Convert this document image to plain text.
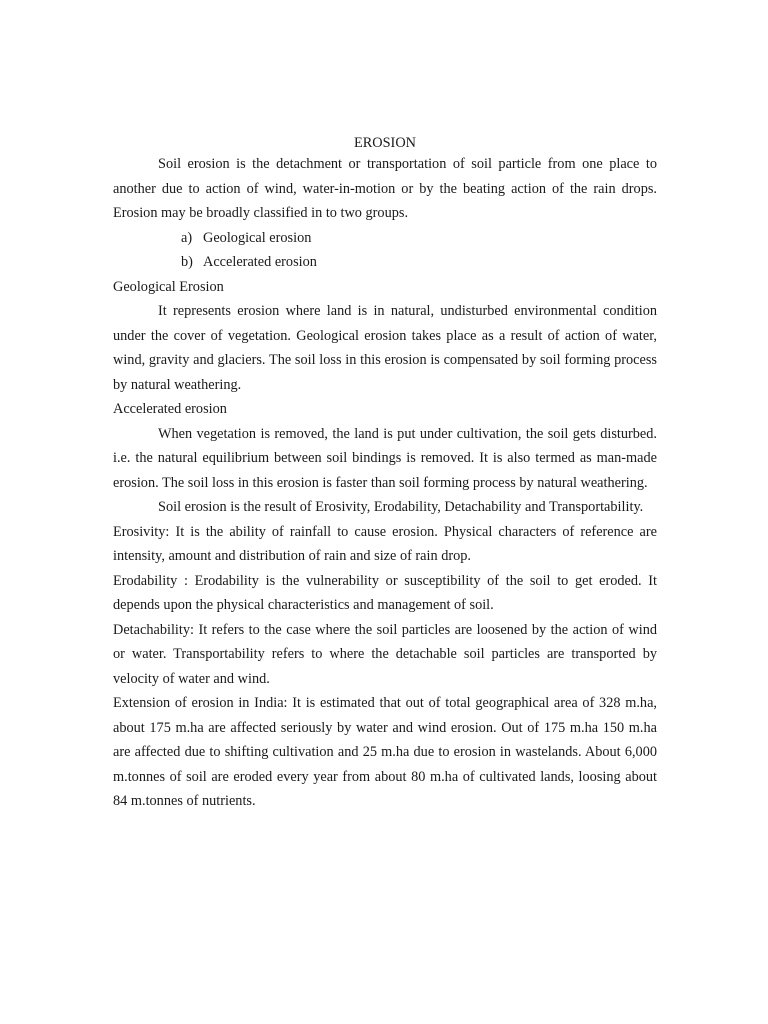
EROSION

Soil erosion is the detachment or transportation of soil particle from one place to another due to action of wind, water-in-motion or by the beating action of the rain drops. Erosion may be broadly classified in to two groups.

a) Geological erosion
b) Accelerated erosion
Geological Erosion

It represents erosion where land is in natural, undisturbed environmental condition under the cover of vegetation. Geological erosion takes place as a result of action of water, wind, gravity and glaciers. The soil loss in this erosion is compensated by soil forming process by natural weathering.

Accelerated erosion

When vegetation is removed, the land is put under cultivation, the soil gets disturbed. i.e. the natural equilibrium between soil bindings is removed. It is also termed as man-made erosion. The soil loss in this erosion is faster than soil forming process by natural weathering.

Soil erosion is the result of Erosivity, Erodability, Detachability and Transportability.

Erosivity: It is the ability of rainfall to cause erosion. Physical characters of reference are intensity, amount and distribution of rain and size of rain drop.

Erodability : Erodability is the vulnerability or susceptibility of the soil to get eroded. It depends upon the physical characteristics and management of soil.

Detachability: It refers to the case where the soil particles are loosened by the action of wind or water. Transportability refers to where the detachable soil particles are transported by velocity of water and wind.

Extension of erosion in India: It is estimated that out of total geographical area of 328 m.ha, about 175 m.ha are affected seriously by water and wind erosion. Out of 175 m.ha 150 m.ha are affected due to shifting cultivation and 25 m.ha due to erosion in wastelands. About 6,000 m.tonnes of soil are eroded every year from about 80 m.ha of cultivated lands, loosing about 84 m.tonnes of nutrients.
